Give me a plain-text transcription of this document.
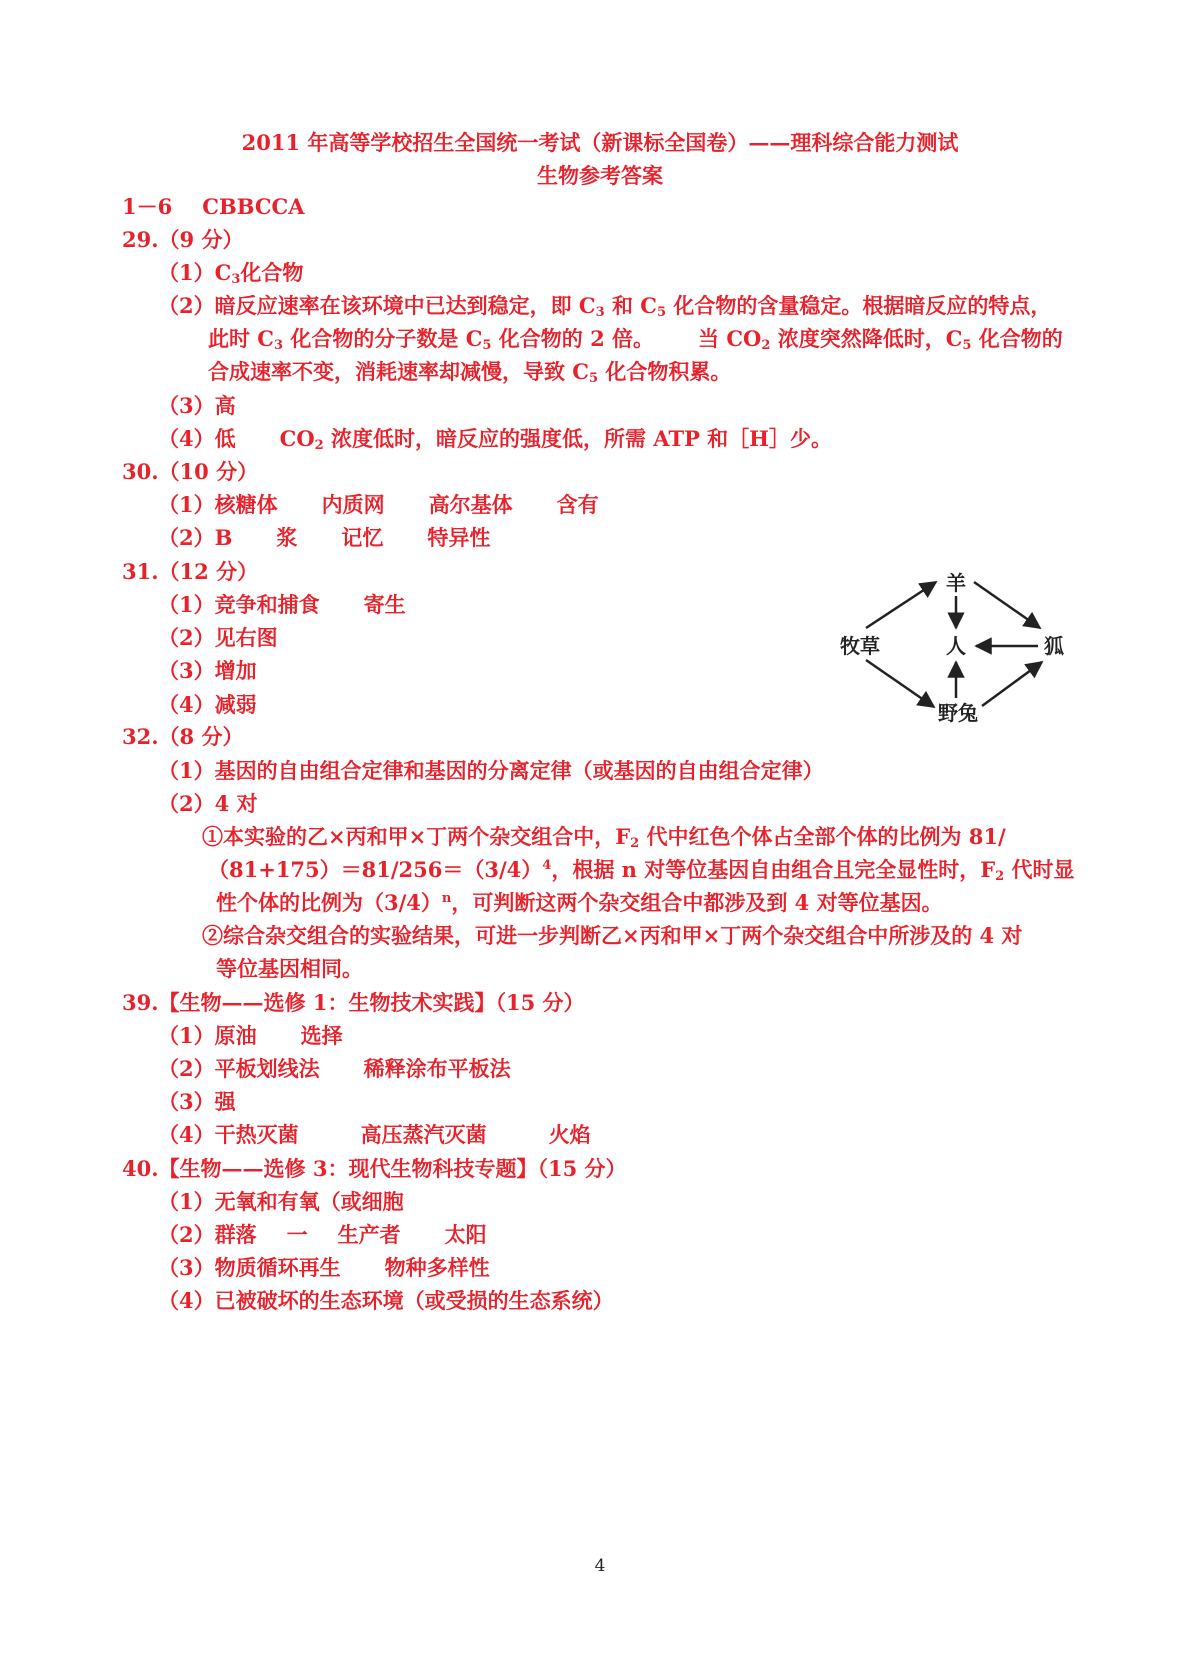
2011 年高等学校招生全国统一考试（新课标全国卷）——理科综合能力测试
生物参考答案
1－6 CBBCCA
29.（9 分）
$(1)C_3$化合物
（2）暗反应速率在该环境中已达到稳定，即 $C_3$ 和 $C_5$ 化合物的含量稳定。根据暗反应的特点，
此时 $C_3$ 化合物的分子数是 $C_5$ 化合物的 2 倍。 当 $CO_2$ 浓度突然降低时，$C_5$ 化合物的
合成速率不变，消耗速率却减慢，导致 $C_5$ 化合物积累。
（3）高
（4）低 $CO_2$ 浓度低时，暗反应的强度低，所需 ATP 和［H］少。
30.（10 分）
（1）核糖体 内质网 高尔基体 含有
（2）B 浆 记忆 特异性
31.（12 分）
（1）竞争和捕食 寄生
（2）见右图
（3）增加
（4）减弱
牧草
羊
人	狐
野兔
32.（8 分）
（1）基因的自由组合定律和基因的分离定律（或基因的自由组合定律）
（2）4 对
①本实验的乙×丙和甲×丁两个杂交组合中，$F_2$ 代中红色个体占全部个体的比例为 81/
$(81+175)=81/256=(3/4)^4$，根据 n 对等位基因自由组合且完全显性时，$F_2$ 代时显
性个体的比例为$(3/4)^n$，可判断这两个杂交组合中都涉及到 4 对等位基因。
②综合杂交组合的实验结果，可进一步判断乙×丙和甲×丁两个杂交组合中所涉及的 4 对
等位基因相同。
39.【生物——选修 1：生物技术实践】（15 分）
（1）原油 选择
（2）平板划线法 稀释涂布平板法
（3）强
（4）干热灭菌	高压蒸汽灭菌	火焰
40.【生物——选修 3：现代生物科技专题】（15 分）
（1）无氧和有氧（或细胞
（2）群落 一 生产者 太阳
（3）物质循环再生 物种多样性
（4）已被破坏的生态环境（或受损的生态系统）
4
